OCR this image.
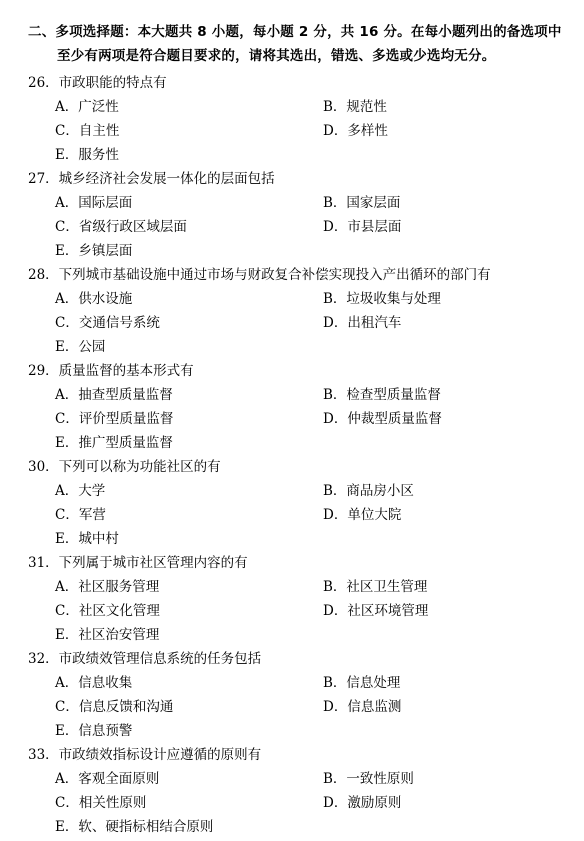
二、多项选择题：本大题共 8 小题，每小题 2 分，共 16 分。在每小题列出的备选项中
至少有两项是符合题目要求的，请将其选出，错选、多选或少选均无分。
26．市政职能的特点有
A．广泛性	B．规范性
C．自主性	D．多样性
E．服务性
27．城乡经济社会发展一体化的层面包括
A．国际层面	B．国家层面
C．省级行政区域层面	D．市县层面
E．乡镇层面
28．下列城市基础设施中通过市场与财政复合补偿实现投入产出循环的部门有
A．供水设施	B．垃圾收集与处理
C．交通信号系统	D．出租汽车
E．公园
29．质量监督的基本形式有
A．抽查型质量监督	B．检查型质量监督
C．评价型质量监督	D．仲裁型质量监督
E．推广型质量监督
30．下列可以称为功能社区的有
A．大学	B．商品房小区
C．军营	D．单位大院
E．城中村
31．下列属于城市社区管理内容的有
A．社区服务管理	B．社区卫生管理
C．社区文化管理	D．社区环境管理
E．社区治安管理
32．市政绩效管理信息系统的任务包括
A．信息收集	B．信息处理
C．信息反馈和沟通	D．信息监测
E．信息预警
33．市政绩效指标设计应遵循的原则有
A．客观全面原则	B．一致性原则
C．相关性原则	D．激励原则
E．软、硬指标相结合原则
